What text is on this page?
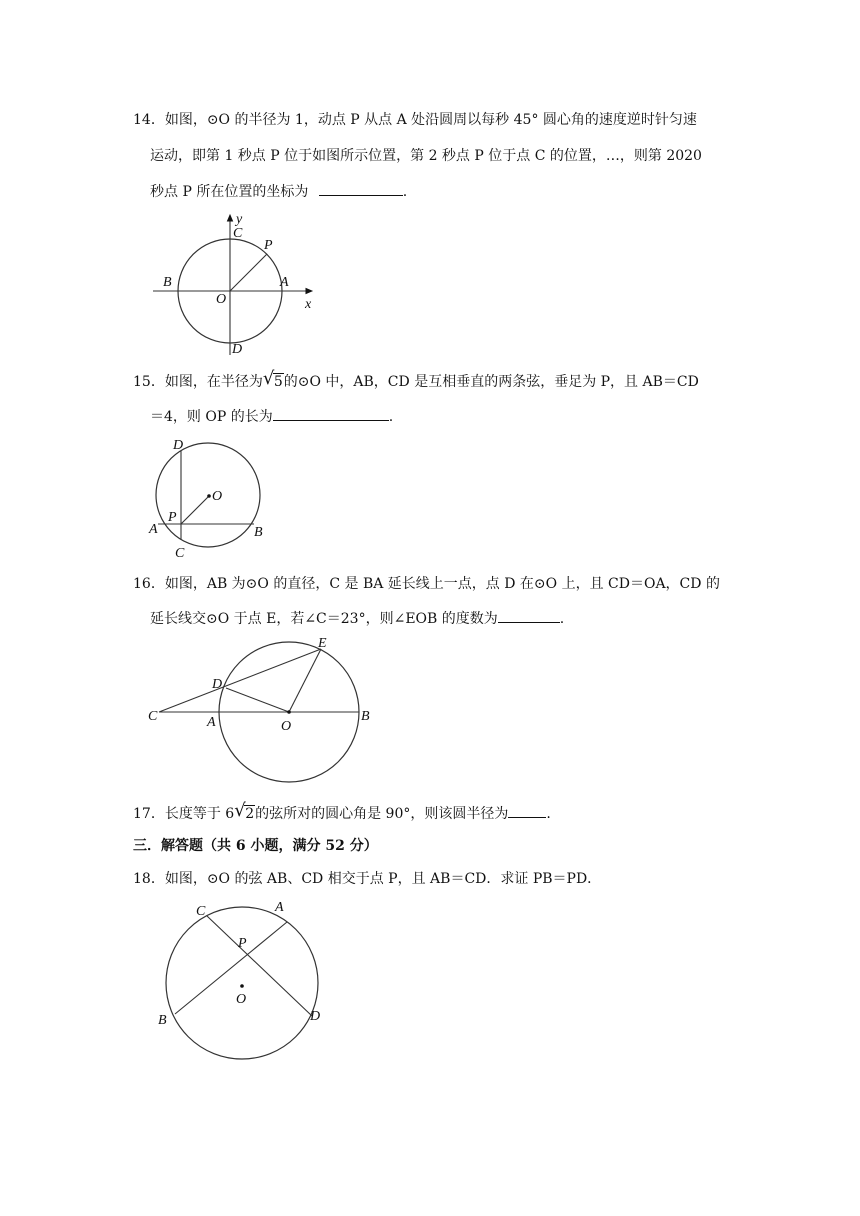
14．如图，⊙O 的半径为 1，动点 P 从点 A 处沿圆周以每秒 45° 圆心角的速度逆时针匀速
运动，即第 1 秒点 P 位于如图所示位置，第 2 秒点 P 位于点 C 的位置，…，则第 2020
秒点 P 所在位置的坐标为	.
y
C
P
B	A
O	x
D
15．如图，在半径为 √ 5的⊙O 中，AB，CD 是互相垂直的两条弦，垂足为 P，且 AB＝CD
＝4，则 OP 的长为	.
D
O
P
A	B
C
16．如图，AB 为⊙O 的直径，C 是 BA 延长线上一点，点 D 在⊙O 上，且 CD＝OA，CD 的
延长线交⊙O 于点 E，若∠C＝23°，则∠EOB 的度数为	.
E
D
C	A	O
B
17．长度等于 6 √ 2的弦所对的圆心角是 90°，则该圆半径为	.
三．解答题（共 6 小题，满分 52 分）
18．如图，⊙O 的弦 AB、CD 相交于点 P，且 AB＝CD．求证 PB＝PD．
C	A
P
O
B	D
